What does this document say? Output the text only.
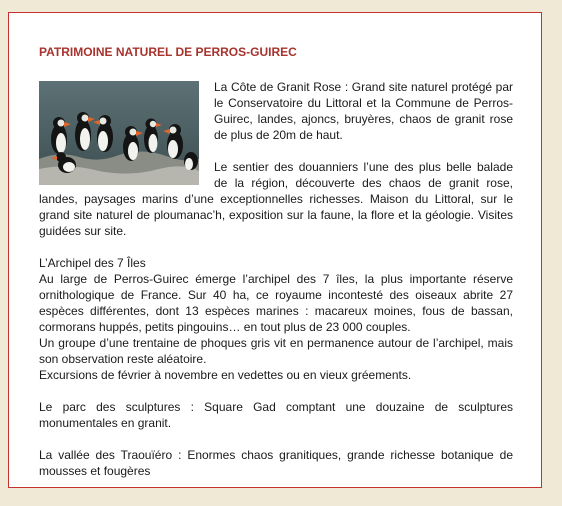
PATRIMOINE NATUREL DE PERROS-GUIREC

La Côte de Granit Rose : Grand site naturel protégé par le Conservatoire du Littoral et la Commune de Perros-Guirec, landes, ajoncs, bruyères, chaos de granit rose de plus de 20m de haut.

Le sentier des douanniers l’une des plus belle balade de la région, découverte des chaos de granit rose, landes, paysages marins d’une exceptionnelles richesses. Maison du Littoral, sur le grand site naturel de ploumanac’h, exposition sur la faune, la flore et la géologie. Visites guidées sur site.

L’Archipel des 7 Îles

Au large de Perros-Guirec émerge l’archipel des 7 îles, la plus importante réserve ornithologique de France. Sur 40 ha, ce royaume incontesté des oiseaux abrite 27 espèces différentes, dont 13 espèces marines : macareux moines, fous de bassan, cormorans huppés, petits pingouins… en tout plus de 23 000 couples.

Un groupe d’une trentaine de phoques gris vit en permanence autour de l’archipel, mais son observation reste aléatoire.

Excursions de février à novembre en vedettes ou en vieux gréements.

Le parc des sculptures : Square Gad comptant une douzaine de sculptures monumentales en granit.

La vallée des Traouïéro : Enormes chaos granitiques, grande richesse botanique de mousses et fougères
